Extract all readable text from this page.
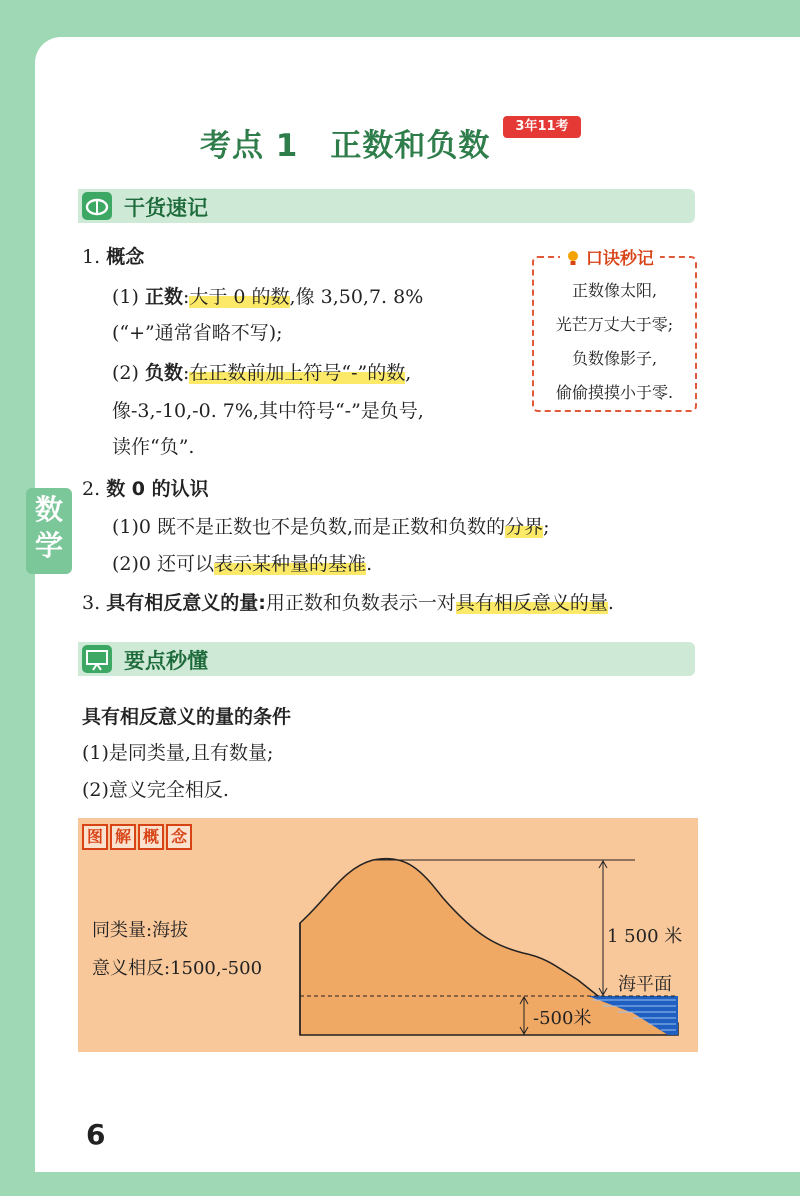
数
学
考点 1 正数和负数
3年11考
干货速记
1. 概念
(1) 正数:大于 0 的数,像 3,50,7. 8%
(“+”通常省略不写);
(2) 负数:在正数前加上符号“-”的数,
像-3,-10,-0. 7%,其中符号“-”是负号,
读作“负”.
口诀秒记
正数像太阳,
光芒万丈大于零;
负数像影子,
偷偷摸摸小于零.
2. 数 0 的认识
(1)0 既不是正数也不是负数,而是正数和负数的分界;
(2)0 还可以表示某种量的基准.
3. 具有相反意义的量:用正数和负数表示一对具有相反意义的量.
要点秒懂
具有相反意义的量的条件
(1)是同类量,且有数量;
(2)意义完全相反.
图 解 概 念
同类量:海拔
意义相反:1500,-500
1 500 米
海平面
-500米
6
